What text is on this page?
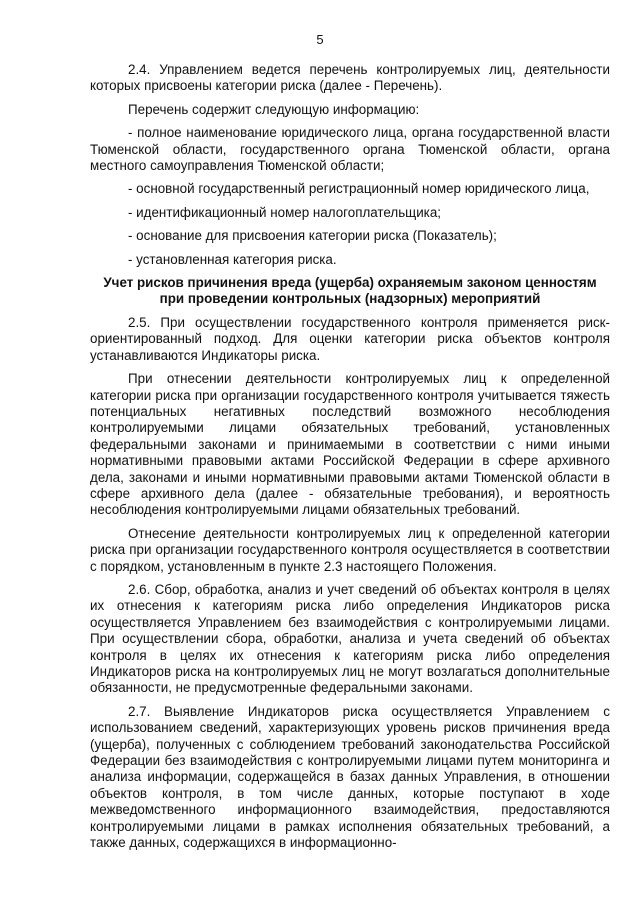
5

2.4. Управлением ведется перечень контролируемых лиц, деятельности которых присвоены категории риска (далее - Перечень).

Перечень содержит следующую информацию:

- полное наименование юридического лица, органа государственной власти Тюменской области, государственного органа Тюменской области, органа местного самоуправления Тюменской области;

- основной государственный регистрационный номер юридического лица,

- идентификационный номер налогоплательщика;

- основание для присвоения категории риска (Показатель);

- установленная категория риска.

Учет рисков причинения вреда (ущерба) охраняемым законом ценностям при проведении контрольных (надзорных) мероприятий

2.5. При осуществлении государственного контроля применяется риск-ориентированный подход. Для оценки категории риска объектов контроля устанавливаются Индикаторы риска.

При отнесении деятельности контролируемых лиц к определенной категории риска при организации государственного контроля учитывается тяжесть потенциальных негативных последствий возможного несоблюдения контролируемыми лицами обязательных требований, установленных федеральными законами и принимаемыми в соответствии с ними иными нормативными правовыми актами Российской Федерации в сфере архивного дела, законами и иными нормативными правовыми актами Тюменской области в сфере архивного дела (далее - обязательные требования), и вероятность несоблюдения контролируемыми лицами обязательных требований.

Отнесение деятельности контролируемых лиц к определенной категории риска при организации государственного контроля осуществляется в соответствии с порядком, установленным в пункте 2.3 настоящего Положения.

2.6. Сбор, обработка, анализ и учет сведений об объектах контроля в целях их отнесения к категориям риска либо определения Индикаторов риска осуществляется Управлением без взаимодействия с контролируемыми лицами. При осуществлении сбора, обработки, анализа и учета сведений об объектах контроля в целях их отнесения к категориям риска либо определения Индикаторов риска на контролируемых лиц не могут возлагаться дополнительные обязанности, не предусмотренные федеральными законами.

2.7. Выявление Индикаторов риска осуществляется Управлением с использованием сведений, характеризующих уровень рисков причинения вреда (ущерба), полученных с соблюдением требований законодательства Российской Федерации без взаимодействия с контролируемыми лицами путем мониторинга и анализа информации, содержащейся в базах данных Управления, в отношении объектов контроля, в том числе данных, которые поступают в ходе межведомственного информационного взаимодействия, предоставляются контролируемыми лицами в рамках исполнения обязательных требований, а также данных, содержащихся в информационно-
